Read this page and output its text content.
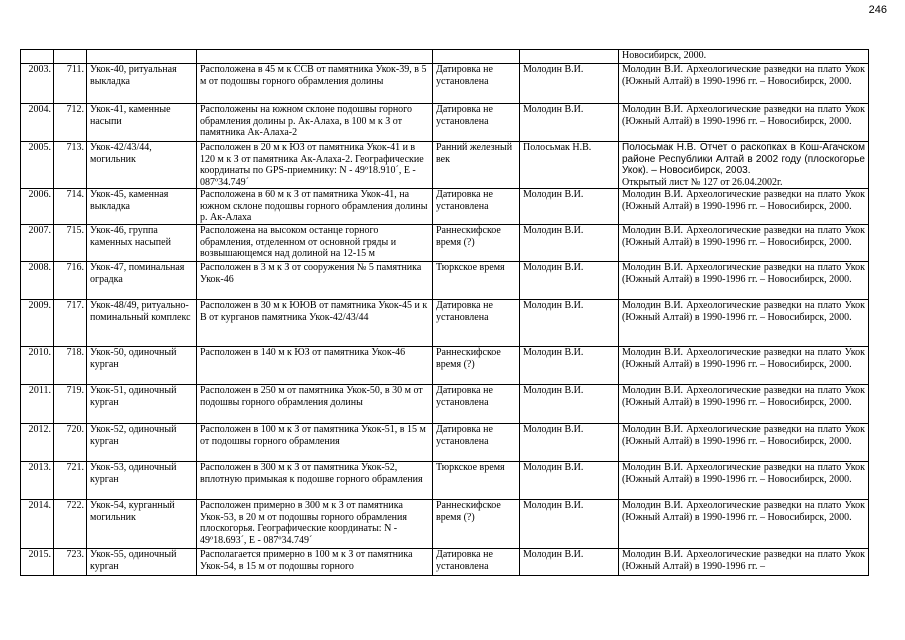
246
						Новосибирск, 2000.
2003.	711.	Укок-40, ритуальная выкладка	Расположена в 45 м к ССВ от памятника Укок-39, в 5 м от подошвы горного обрамления долины	Датировка не установлена	Молодин В.И.	Молодин В.И. Археологические разведки на плато Укок (Южный Алтай) в 1990-1996 гг. – Новосибирск, 2000.
2004.	712.	Укок-41, каменные насыпи	Расположены на южном склоне подошвы горного обрамления долины р. Ак-Алаха, в 100 м к З от памятника Ак-Алаха-2	Датировка не установлена	Молодин В.И.	Молодин В.И. Археологические разведки на плато Укок (Южный Алтай) в 1990-1996 гг. – Новосибирск, 2000.
2005.	713.	Укок-42/43/44, могильник	Расположен в 20 м к ЮЗ от памятника Укок-41 и в 120 м к З от памятника Ак-Алаха-2. Географические координаты по GPS-приемнику: N - 49º18.910´, E - 087º34.749´	Ранний железный век	Полосьмак Н.В.	Полосьмак Н.В. Отчет о раскопках в Кош-Агачском районе Республики Алтай в 2002 году (плоскогорье Укок). – Новосибирск, 2003.
Открытый лист № 127 от 26.04.2002г.

2006.	714.	Укок-45, каменная выкладка	Расположена в 60 м к З от памятника Укок-41, на южном склоне подошвы горного обрамления долины р. Ак-Алаха	Датировка не установлена	Молодин В.И.	Молодин В.И. Археологические разведки на плато Укок (Южный Алтай) в 1990-1996 гг. – Новосибирск, 2000.
2007.	715.	Укок-46, группа каменных насыпей	Расположена на высоком останце горного обрамления, отделенном от основной гряды и возвышающемся над долиной на 12-15 м	Раннескифское время (?)	Молодин В.И.	Молодин В.И. Археологические разведки на плато Укок (Южный Алтай) в 1990-1996 гг. – Новосибирск, 2000.
2008.	716.	Укок-47, поминальная оградка	Расположен в 3 м к З от сооружения № 5 памятника Укок-46	Тюркское время	Молодин В.И.	Молодин В.И. Археологические разведки на плато Укок (Южный Алтай) в 1990-1996 гг. – Новосибирск, 2000.
2009.	717.	Укок-48/49, ритуально-поминальный комплекс	Расположен в 30 м к ЮЮВ от памятника Укок-45 и к В от курганов памятника Укок-42/43/44	Датировка не установлена	Молодин В.И.	Молодин В.И. Археологические разведки на плато Укок (Южный Алтай) в 1990-1996 гг. – Новосибирск, 2000.
2010.	718.	Укок-50, одиночный курган	Расположен в 140 м к ЮЗ от памятника Укок-46	Раннескифское время (?)	Молодин В.И.	Молодин В.И. Археологические разведки на плато Укок (Южный Алтай) в 1990-1996 гг. – Новосибирск, 2000.
2011.	719.	Укок-51, одиночный курган	Расположен в 250 м от памятника Укок-50, в 30 м от подошвы горного обрамления долины	Датировка не установлена	Молодин В.И.	Молодин В.И. Археологические разведки на плато Укок (Южный Алтай) в 1990-1996 гг. – Новосибирск, 2000.
2012.	720.	Укок-52, одиночный курган	Расположен в 100 м к З от памятника Укок-51, в 15 м от подошвы горного обрамления	Датировка не установлена	Молодин В.И.	Молодин В.И. Археологические разведки на плато Укок (Южный Алтай) в 1990-1996 гг. – Новосибирск, 2000.
2013.	721.	Укок-53, одиночный курган	Расположен в 300 м к З от памятника Укок-52, вплотную примыкая к подошве горного обрамления	Тюркское время	Молодин В.И.	Молодин В.И. Археологические разведки на плато Укок (Южный Алтай) в 1990-1996 гг. – Новосибирск, 2000.
2014.	722.	Укок-54, курганный могильник	Расположен примерно в 300 м к З от памятника Укок-53, в 20 м от подошвы горного обрамления плоскогорья. Географические координаты: N - 49º18.693´, E - 087º34.749´	Раннескифское время (?)	Молодин В.И.	Молодин В.И. Археологические разведки на плато Укок (Южный Алтай) в 1990-1996 гг. – Новосибирск, 2000.
2015.	723.	Укок-55, одиночный курган	Располагается примерно в 100 м к З от памятника Укок-54, в 15 м от подошвы горного	Датировка не установлена	Молодин В.И.	Молодин В.И. Археологические разведки на плато Укок (Южный Алтай) в 1990-1996 гг. –
